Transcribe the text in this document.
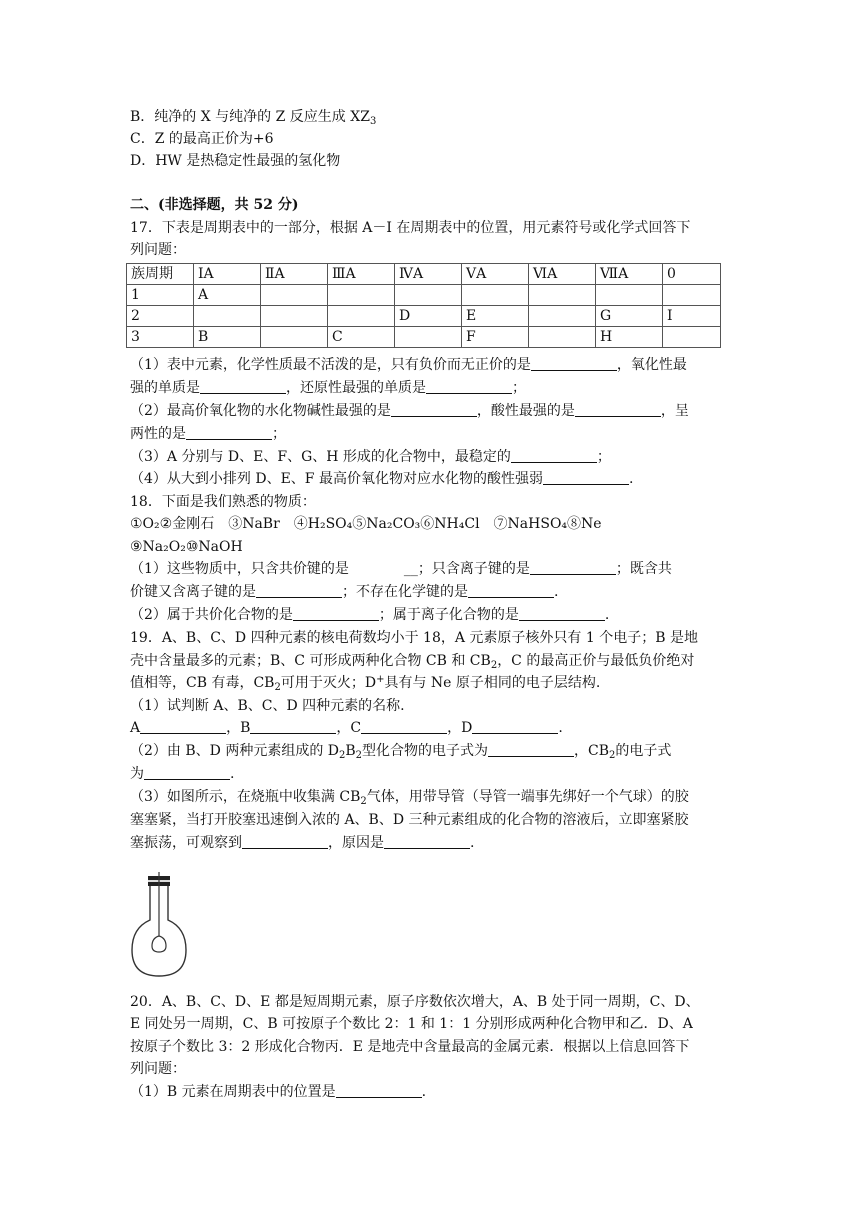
B．纯净的 X 与纯净的 Z 反应生成 $XZ_3$
C．Z 的最高正价为+6
D．HW 是热稳定性最强的氢化物
二、(非选择题，共 52 分)
17．下表是周期表中的一部分，根据 A－I 在周期表中的位置，用元素符号或化学式回答下
列问题：
族周期	ⅠA	ⅡA	ⅢA	ⅣA	ⅤA	ⅥA	ⅦA	0
1	A							
2				D	E		G	I
3	B		C		F		H	
（1）表中元素，化学性质最不活泼的是，只有负价而无正价的是	，氧化性最
强的单质是	，还原性最强的单质是	；
（2）最高价氧化物的水化物碱性最强的是	，酸性最强的是	，呈
两性的是	；
（3）A 分别与 D、E、F、G、H 形成的化合物中，最稳定的	；
（4）从大到小排列 D、E、F 最高价氧化物对应水化物的酸性强弱	.
18．下面是我们熟悉的物质：
①O₂②金刚石　③NaBr　④H₂SO₄⑤Na₂CO₃⑥NH₄Cl　⑦NaHSO₄⑧Ne
⑨Na₂O₂⑩NaOH
（1）这些物质中，只含共价键的是	__；只含离子键的是	；既含共
价键又含离子键的是	；不存在化学键的是	.
（2）属于共价化合物的是	；属于离子化合物的是	.
19．A、B、C、D 四种元素的核电荷数均小于 18，A 元素原子核外只有 1 个电子；B 是地
壳中含量最多的元素；B、C 可形成两种化合物 CB 和 $CB_2$，C 的最高正价与最低负价绝对
值相等，CB 有毒，$CB_2$可用于灭火；D+具有与 Ne 原子相同的电子层结构.
（1）试判断 A、B、C、D 四种元素的名称.
A	，B	，C	，D	.
（2）由 B、D 两种元素组成的 $D_2B_2$型化合物的电子式为	，$CB_2$的电子式
为	.
（3）如图所示，在烧瓶中收集满 $CB_2$气体，用带导管（导管一端事先绑好一个气球）的胶
塞塞紧，当打开胶塞迅速倒入浓的 A、B、D 三种元素组成的化合物的溶液后，立即塞紧胶
塞振荡，可观察到	，原因是	.
20．A、B、C、D、E 都是短周期元素，原子序数依次增大，A、B 处于同一周期，C、D、
E 同处另一周期，C、B 可按原子个数比 2：1 和 1：1 分别形成两种化合物甲和乙．D、A
按原子个数比 3：2 形成化合物丙．E 是地壳中含量最高的金属元素．根据以上信息回答下
列问题：
（1）B 元素在周期表中的位置是	.
